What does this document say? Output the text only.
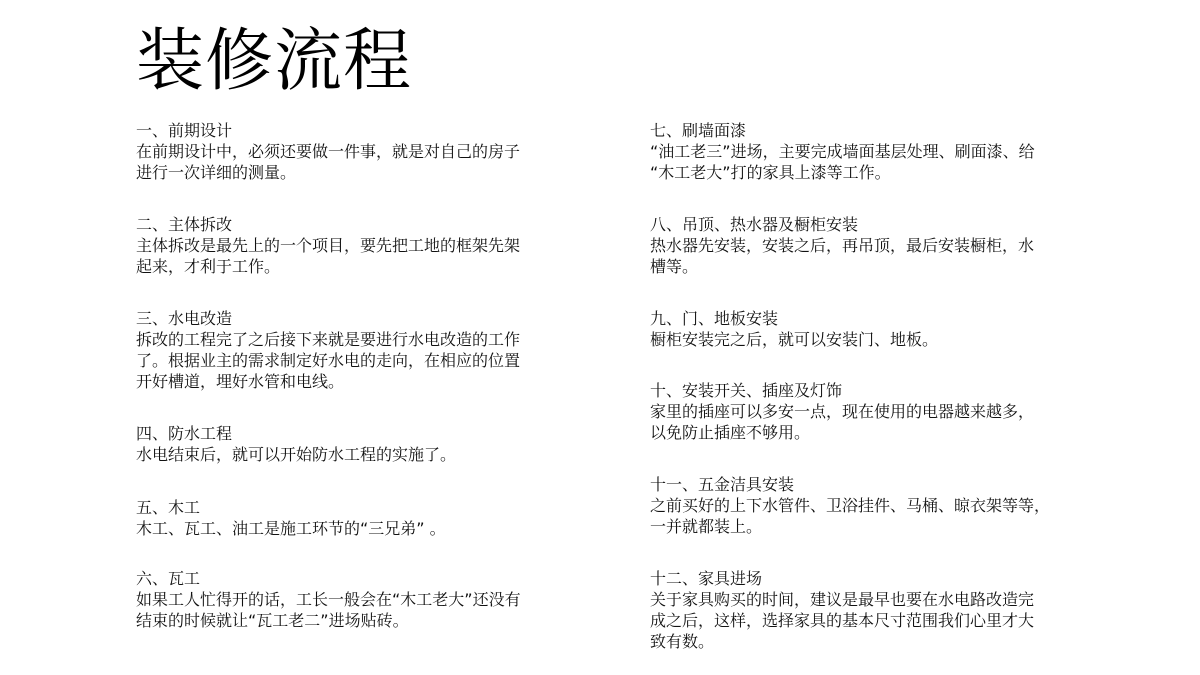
装修流程
一、前期设计
在前期设计中，必须还要做一件事，就是对自己的房子
进行一次详细的测量。
二、主体拆改
主体拆改是最先上的一个项目，要先把工地的框架先架
起来，才利于工作。
三、水电改造
拆改的工程完了之后接下来就是要进行水电改造的工作
了。根据业主的需求制定好水电的走向，在相应的位置
开好槽道，埋好水管和电线。
四、防水工程
水电结束后，就可以开始防水工程的实施了。
五、木工
木工、瓦工、油工是施工环节的“三兄弟” 。
六、瓦工
如果工人忙得开的话，工长一般会在“木工老大”还没有
结束的时候就让“瓦工老二”进场贴砖。
七、刷墙面漆
“油工老三”进场，主要完成墙面基层处理、刷面漆、给
“木工老大”打的家具上漆等工作。
八、吊顶、热水器及橱柜安装
热水器先安装，安装之后，再吊顶，最后安装橱柜，水
槽等。
九、门、地板安装
橱柜安装完之后，就可以安装门、地板。
十、安装开关、插座及灯饰
家里的插座可以多安一点，现在使用的电器越来越多，
以免防止插座不够用。
十一、五金洁具安装
之前买好的上下水管件、卫浴挂件、马桶、晾衣架等等，
一并就都装上。
十二、家具进场
关于家具购买的时间，建议是最早也要在水电路改造完
成之后，这样，选择家具的基本尺寸范围我们心里才大
致有数。
